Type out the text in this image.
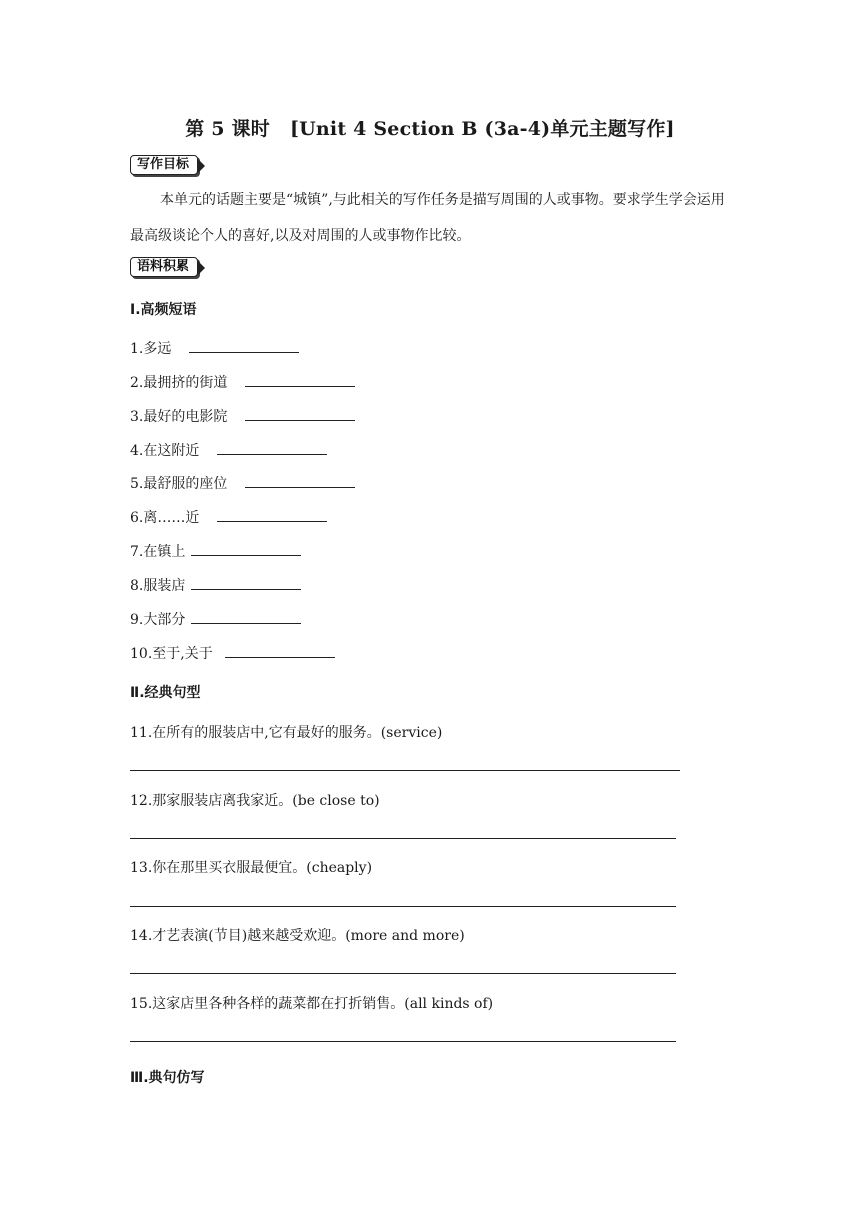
第 5 课时 [Unit 4 Section B (3a-4)单元主题写作]
写作目标
本单元的话题主要是“城镇”,与此相关的写作任务是描写周围的人或事物。要求学生学会运用最高级谈论个人的喜好,以及对周围的人或事物作比较。
语料积累
Ⅰ.高频短语
1.多远
2.最拥挤的街道
3.最好的电影院
4.在这附近
5.最舒服的座位
6.离……近
7.在镇上
8.服装店
9.大部分
10.至于,关于
Ⅱ.经典句型
11.在所有的服装店中,它有最好的服务。(service)
12.那家服装店离我家近。(be close to)
13.你在那里买衣服最便宜。(cheaply)
14.才艺表演(节目)越来越受欢迎。(more and more)
15.这家店里各种各样的蔬菜都在打折销售。(all kinds of)
Ⅲ.典句仿写
